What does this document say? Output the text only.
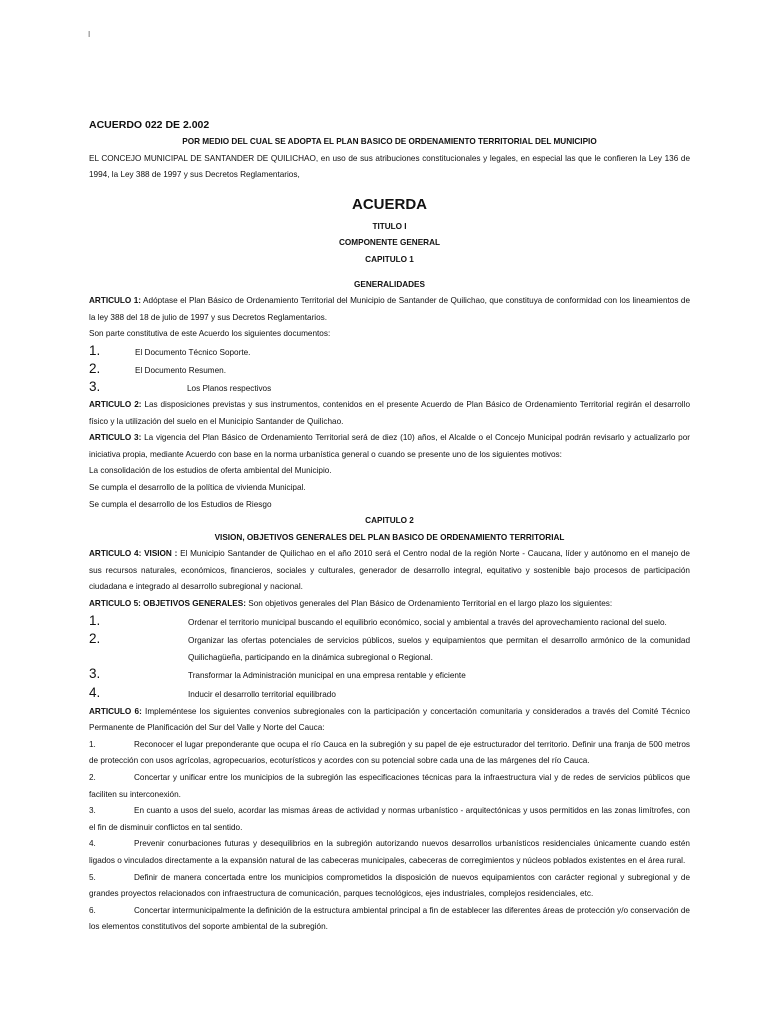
I

ACUERDO 022 DE 2.002

POR MEDIO DEL CUAL SE ADOPTA EL PLAN BASICO DE ORDENAMIENTO TERRITORIAL DEL MUNICIPIO

EL CONCEJO MUNICIPAL DE SANTANDER DE QUILICHAO, en uso de sus atribuciones constitucionales y legales, en especial las que le confieren la Ley 136 de 1994, la Ley 388 de 1997 y sus Decretos Reglamentarios,

ACUERDA

TITULO I

COMPONENTE GENERAL

CAPITULO 1

GENERALIDADES

ARTICULO 1: Adóptase el Plan Básico de Ordenamiento Territorial del Municipio de Santander de Quilichao, que constituya de conformidad con los lineamientos de la ley 388 del 18 de julio de 1997 y sus Decretos Reglamentarios.

Son parte constitutiva de este Acuerdo los siguientes documentos:

1.	El Documento Técnico Soporte.
2.	El Documento Resumen.
3.	Los Planos respectivos

ARTICULO 2: Las disposiciones previstas y sus instrumentos, contenidos en el presente Acuerdo de Plan Básico de Ordenamiento Territorial regirán el desarrollo físico y la utilización del suelo en el Municipio Santander de Quilichao.

ARTICULO 3: La vigencia del Plan Básico de Ordenamiento Territorial será de diez (10) años, el Alcalde o el Concejo Municipal podrán revisarlo y actualizarlo por iniciativa propia, mediante Acuerdo con base en la norma urbanística general o cuando se presente uno de los siguientes motivos:

La consolidación de los estudios de oferta ambiental del Municipio.

Se cumpla el desarrollo de la política de vivienda Municipal.

Se cumpla el desarrollo de los Estudios de Riesgo

CAPITULO 2

VISION, OBJETIVOS GENERALES DEL PLAN BASICO DE ORDENAMIENTO TERRITORIAL

ARTICULO 4: VISION : El Municipio Santander de Quilichao en el año 2010 será el Centro nodal de la región Norte - Caucana, líder y autónomo en el manejo de sus recursos naturales, económicos, financieros, sociales y culturales, generador de desarrollo integral, equitativo y sostenible bajo procesos de participación ciudadana e integrado al desarrollo subregional y nacional.

ARTICULO 5: OBJETIVOS GENERALES: Son objetivos generales del Plan Básico de Ordenamiento Territorial en el largo plazo los siguientes:

1.	Ordenar el territorio municipal buscando el equilibrio económico, social y ambiental a través del aprovechamiento racional del suelo.
2.	Organizar las ofertas potenciales de servicios públicos, suelos y equipamientos que permitan el desarrollo armónico de la comunidad Quilichagüeña, participando en la dinámica subregional o Regional.
3.	Transformar la Administración municipal en una empresa rentable y eficiente
4.	Inducir el desarrollo territorial equilibrado

ARTICULO 6: Impleméntese los siguientes convenios subregionales con la participación y concertación comunitaria y considerados a través del Comité Técnico Permanente de Planificación del Sur del Valle y Norte del Cauca:

1.	Reconocer el lugar preponderante que ocupa el río Cauca en la subregión y su papel de eje estructurador del territorio. Definir una franja de 500 metros de protección con usos agrícolas, agropecuarios, ecoturísticos y acordes con su potencial sobre cada una de las márgenes del río Cauca.

2.	Concertar y unificar entre los municipios de la subregión las especificaciones técnicas para la infraestructura vial y de redes de servicios públicos que faciliten su interconexión.

3.	En cuanto a usos del suelo, acordar las mismas áreas de actividad y normas urbanístico - arquitectónicas y usos permitidos en las zonas limítrofes, con el fin de disminuir conflictos en tal sentido.

4.	Prevenir conurbaciones futuras y desequilibrios en la subregión autorizando nuevos desarrollos urbanísticos residenciales únicamente cuando estén ligados o vinculados directamente a la expansión natural de las cabeceras municipales, cabeceras de corregimientos y núcleos poblados existentes en el área rural.

5.	Definir de manera concertada entre los municipios comprometidos la disposición de nuevos equipamientos con carácter regional y subregional y de grandes proyectos relacionados con infraestructura de comunicación, parques tecnológicos, ejes industriales, complejos residenciales, etc.

6.	Concertar intermunicipalmente la definición de la estructura ambiental principal a fin de establecer las diferentes áreas de protección y/o conservación de los elementos constitutivos del soporte ambiental de la subregión.
